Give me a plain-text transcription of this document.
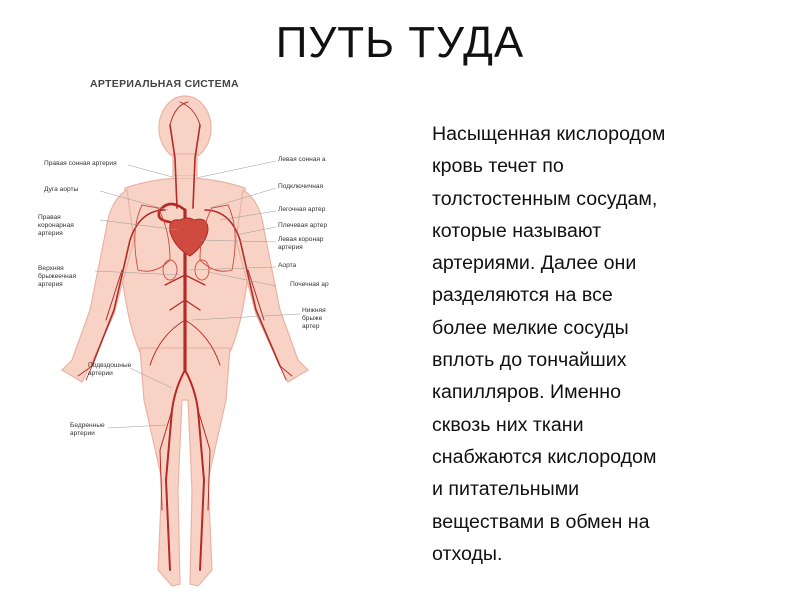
ПУТЬ ТУДА
АРТЕРИАЛЬНАЯ СИСТЕМА
Правая сонная артерия
Дуга аорты
Правая коронарная артерия
Верхняя брыжеечная артерия
Подвздошные артерии
Бедренные артерии
Левая сонная а
Подключичная
Легочная артер
Плечевая артер
Левая коронар артерия
Аорта
Почечная ар
Нижняя брыже артер

Насыщенная кислородом

кровь течет по

толстостенным сосудам,

которые называют

артериями. Далее они

разделяются на все

более мелкие сосуды

вплоть до тончайших

капилляров. Именно

сквозь них ткани

снабжаются кислородом

и питательными

веществами в обмен на

отходы.
